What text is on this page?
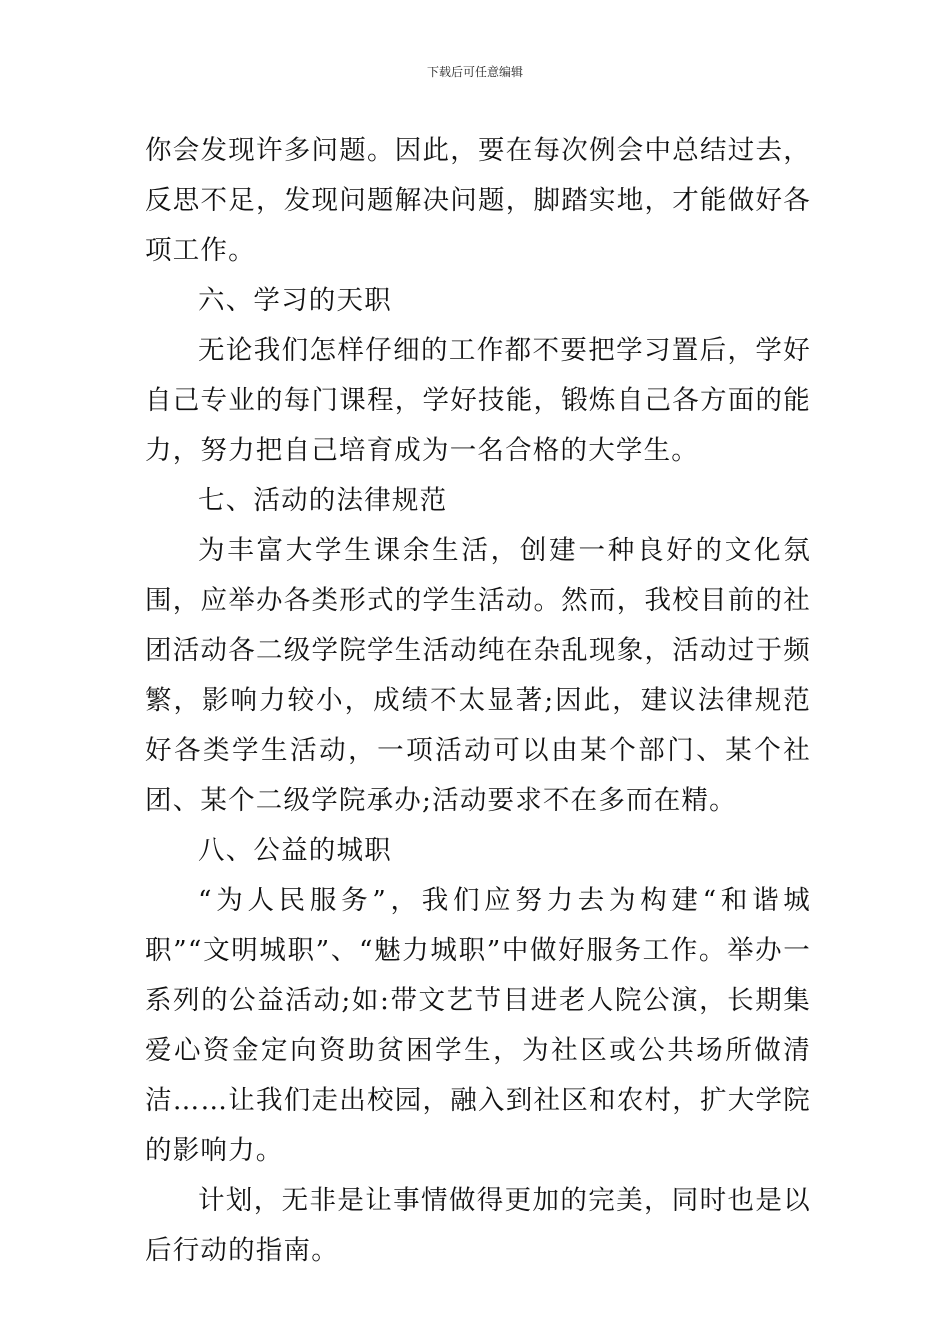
下载后可任意编辑

你会发现许多问题。因此，要在每次例会中总结过去，反思不足，发现问题解决问题，脚踏实地，才能做好各项工作。

六、学习的天职

无论我们怎样仔细的工作都不要把学习置后，学好自己专业的每门课程，学好技能，锻炼自己各方面的能力，努力把自己培育成为一名合格的大学生。

七、活动的法律规范

为丰富大学生课余生活，创建一种良好的文化氛围，应举办各类形式的学生活动。然而，我校目前的社团活动各二级学院学生活动纯在杂乱现象，活动过于频繁，影响力较小，成绩不太显著;因此，建议法律规范好各类学生活动，一项活动可以由某个部门、某个社团、某个二级学院承办;活动要求不在多而在精。

八、公益的城职

“为人民服务”，我们应努力去为构建“和谐城职”“文明城职”、“魅力城职”中做好服务工作。举办一系列的公益活动;如:带文艺节目进老人院公演，长期集爱心资金定向资助贫困学生，为社区或公共场所做清洁……让我们走出校园，融入到社区和农村，扩大学院的影响力。

计划，无非是让事情做得更加的完美，同时也是以后行动的指南。
